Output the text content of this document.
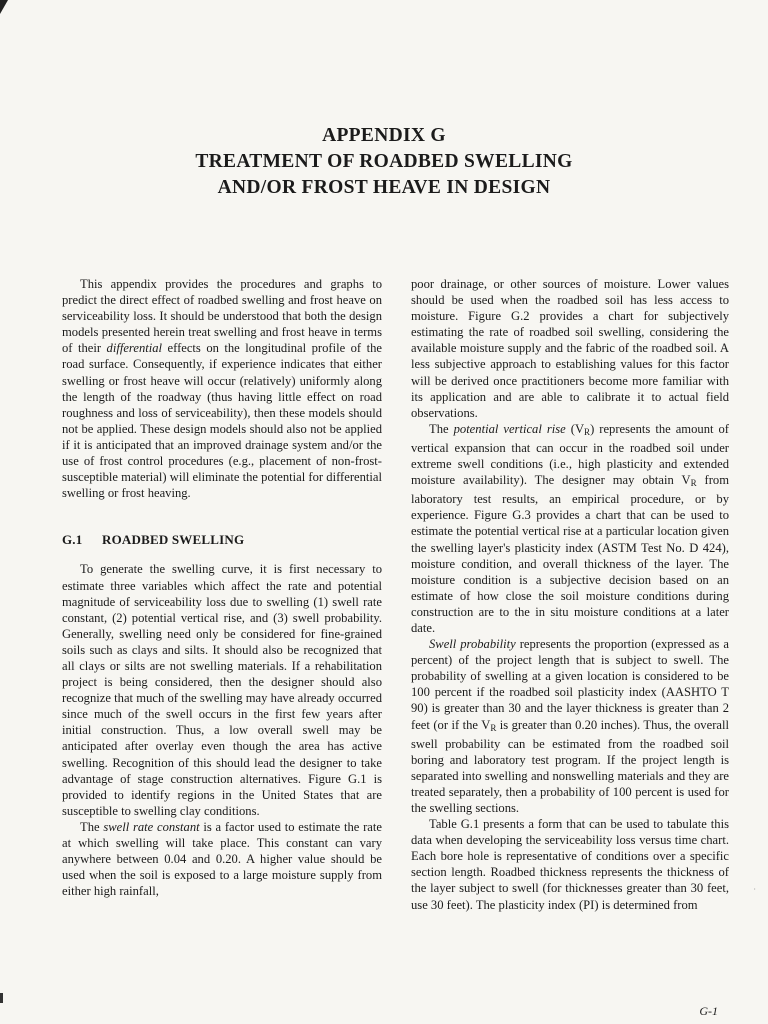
APPENDIX G
TREATMENT OF ROADBED SWELLING
AND/OR FROST HEAVE IN DESIGN

This appendix provides the procedures and graphs to predict the direct effect of roadbed swelling and frost heave on serviceability loss. It should be understood that both the design models presented herein treat swelling and frost heave in terms of their differential effects on the longitudinal profile of the road surface. Consequently, if experience indicates that either swelling or frost heave will occur (relatively) uniformly along the length of the roadway (thus having little effect on road roughness and loss of serviceability), then these models should not be applied. These design models should also not be applied if it is anticipated that an improved drainage system and/or the use of frost control procedures (e.g., placement of non-frost-susceptible material) will eliminate the potential for differential swelling or frost heaving.

G.1 ROADBED SWELLING

To generate the swelling curve, it is first necessary to estimate three variables which affect the rate and potential magnitude of serviceability loss due to swelling (1) swell rate constant, (2) potential vertical rise, and (3) swell probability. Generally, swelling need only be considered for fine-grained soils such as clays and silts. It should also be recognized that all clays or silts are not swelling materials. If a rehabilitation project is being considered, then the designer should also recognize that much of the swelling may have already occurred since much of the swell occurs in the first few years after initial construction. Thus, a low overall swell may be anticipated after overlay even though the area has active swelling. Recognition of this should lead the designer to take advantage of stage construction alternatives. Figure G.1 is provided to identify regions in the United States that are susceptible to swelling clay conditions.

The swell rate constant is a factor used to estimate the rate at which swelling will take place. This constant can vary anywhere between 0.04 and 0.20. A higher value should be used when the soil is exposed to a large moisture supply from either high rainfall,

poor drainage, or other sources of moisture. Lower values should be used when the roadbed soil has less access to moisture. Figure G.2 provides a chart for subjectively estimating the rate of roadbed soil swelling, considering the available moisture supply and the fabric of the roadbed soil. A less subjective approach to establishing values for this factor will be derived once practitioners become more familiar with its application and are able to calibrate it to actual field observations.

The potential vertical rise $(V_R)$ represents the amount of vertical expansion that can occur in the roadbed soil under extreme swell conditions (i.e., high plasticity and extended moisture availability). The designer may obtain $V_R$ from laboratory test results, an empirical procedure, or by experience. Figure G.3 provides a chart that can be used to estimate the potential vertical rise at a particular location given the swelling layer's plasticity index (ASTM Test No. D 424), moisture condition, and overall thickness of the layer. The moisture condition is a subjective decision based on an estimate of how close the soil moisture conditions during construction are to the in situ moisture conditions at a later date.

Swell probability represents the proportion (expressed as a percent) of the project length that is subject to swell. The probability of swelling at a given location is considered to be 100 percent if the roadbed soil plasticity index (AASHTO T 90) is greater than 30 and the layer thickness is greater than 2 feet (or if the $V_R$ is greater than 0.20 inches). Thus, the overall swell probability can be estimated from the roadbed soil boring and laboratory test program. If the project length is separated into swelling and nonswelling materials and they are treated separately, then a probability of 100 percent is used for the swelling sections.

Table G.1 presents a form that can be used to tabulate this data when developing the serviceability loss versus time chart. Each bore hole is representative of conditions over a specific section length. Roadbed thickness represents the thickness of the layer subject to swell (for thicknesses greater than 30 feet, use 30 feet). The plasticity index (PI) is determined from

·
G-1
